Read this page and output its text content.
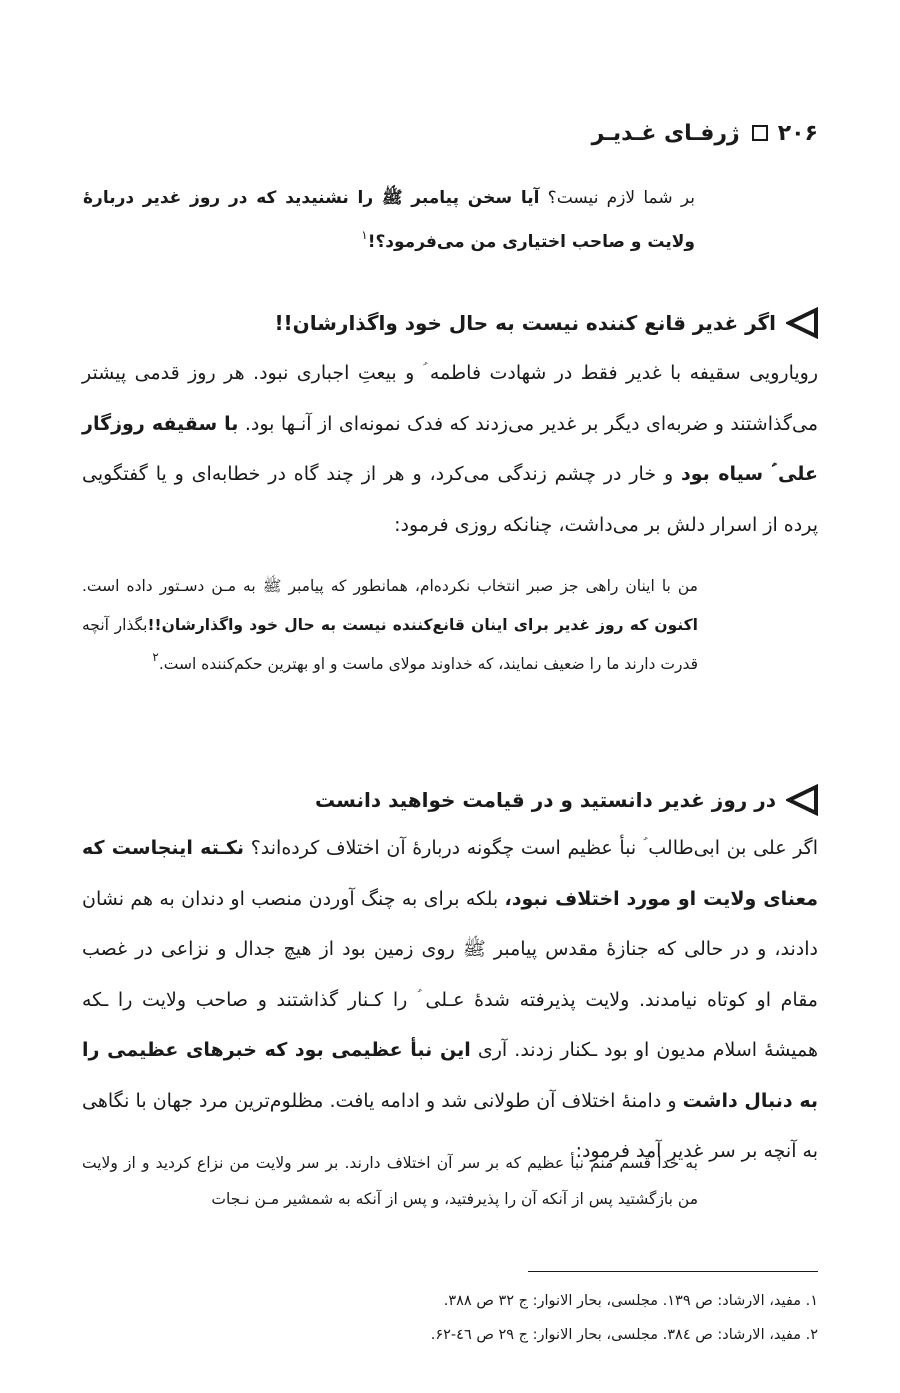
۲۰۶
ژرفـای غـدیـر
بر شما لازم نیست؟ آیا سخن پیامبر ﷺ را نشنیدید که در روز غدیر دربارهٔ ولایت و صاحب اختیاری من می‌فرمود؟!$^۱$
اگر غدیر قانع کننده نیست به حال خود واگذارشان!!
رویارویی سقیفه با غدیر فقط در شهادت فاطمه ؑ و بیعتِ اجباری نبود. هر روز قدمی پیشتر می‌گذاشتند و ضربه‌ای دیگر بر غدیر می‌زدند که فدک نمونه‌ای از آنـها بود. با سقیفه روزگار علی ؑ سیاه بود و خار در چشم زندگی می‌کرد، و هر از چند گاه در خطابه‌ای و یا گفتگویی پرده از اسرار دلش بر می‌داشت، چنانکه روزی فرمود:
من با اینان راهی جز صبر انتخاب نکرده‌ام، همانطور که پیامبر ﷺ به مـن دسـتور داده است. اکنون که روز غدیر برای اینان قانع‌کننده نیست به حال خود واگذارشان!!بگذار آنچه قدرت دارند ما را ضعیف نمایند، که خداوند مولای ماست و او بهترین حکم‌کننده است.$^۲$
در روز غدیر دانستید و در قیامت خواهید دانست
اگر علی بن ابی‌طالب ؑ نبأ عظیم است چگونه دربارهٔ آن اختلاف کرده‌اند؟ نکـته اینجاست که معنای ولایت او مورد اختلاف نبود، بلکه برای به چنگ آوردن منصب او دندان به هم نشان دادند، و در حالی که جنازهٔ مقدس پیامبر ﷺ روی زمین بود از هیچ جدال و نزاعی در غصب مقام او کوتاه نیامدند. ولایت پذیرفته شدهٔ عـلی ؑ را کـنار گذاشتند و صاحب ولایت را ـکه همیشهٔ اسلام مدیون او بود ـکنار زدند. آری این نبأ عظیمی بود که خبرهای عظیمی را به دنبال داشت و دامنهٔ اختلاف آن طولانی شد و ادامه یافت. مظلوم‌ترین مرد جهان با نگاهی به آنچه بر سر غدیر آمد فرمود:
به خدا قسم منم نبأ عظیم که بر سر آن اختلاف دارند. بر سر ولایت من نزاع کردید و از ولایت من بازگشتید پس از آنکه آن را پذیرفتید، و پس از آنکه به شمشیر مـن نـجات
۱. مفید، الارشاد: ص ۱۳۹. مجلسی، بحار الانوار: ج ۳۲ ص ۳۸۸.
۲. مفید، الارشاد: ص ۳۸٤. مجلسی، بحار الانوار: ج ۲۹ ص ٤٦-۶۲.
